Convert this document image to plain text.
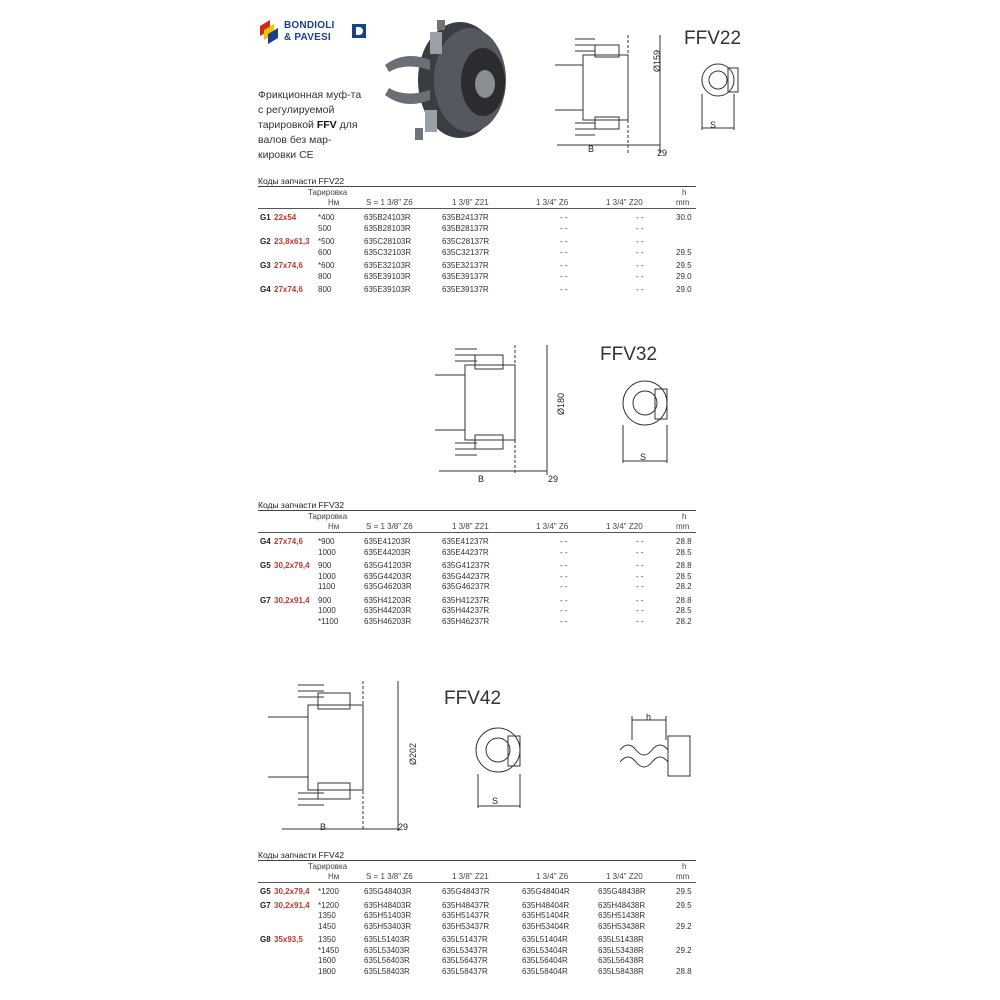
BONDIOLI
& PAVESI
Фрикционная муф-та с регулируемой тарировкой FFV для валов без мар-кировки CE	B	29
Ø159
FFV22
S
Коды запчасти FFV22
Тарировка
Нм	S = 1 3/8" Z6	1 3/8" Z21	1 3/4" Z6	1 3/4" Z20
h
mm
G1 22x54	*400	635B24103R	635B24137R	- -	- -	30.0
500	635B28103R	635B28137R	- -	- -
G2 23,8x61,3 *500	635C28103R	635C28137R	- -	- -
600	635C32103R	635C32137R	- -	- -	29.5
G3 27x74,6 *600	635E32103R	635E32137R	- -	- -	29.5
800	635E39103R	635E39137R	- -	- -	29.0
G4 27x74,6 800	635E39103R	635E39137R	- -	- -	29.0
B	29
Ø180
FFV32
S
Коды запчасти FFV32
Тарировка
Нм	S = 1 3/8" Z6	1 3/8" Z21	1 3/4" Z6	1 3/4" Z20
h
mm
G4 27x74,6 *900	635E41203R	635E41237R	- -	- -	28.8
1000	635E44203R	635E44237R	- -	- -	28.5
G5 30,2x79,4 900	635G41203R	635G41237R	- -	- -	28.8
1000	635G44203R	635G44237R	- -	- -	28.5
1100	635G46203R	635G46237R	- -	- -	28.2
G7 30,2x91,4 900	635H41203R	635H41237R	- -	- -	28.8
1000	635H44203R	635H44237R	- -	- -	28.5
*1100	635H46203R	635H46237R	- -	- -	28.2
B	29
Ø202
FFV42
S
h
Коды запчасти FFV42
Тарировка
Нм	S = 1 3/8" Z6	1 3/8" Z21	1 3/4" Z6	1 3/4" Z20
h
mm
G5 30,2x79,4 *1200	635G48403R	635G48437R	635G48404R	635G48438R	29.5
G7 30,2x91,4 *1200	635H48403R	635H48437R	635H48404R	635H48438R	29.5
1350	635H51403R	635H51437R	635H51404R	635H51438R
1450	635H53403R	635H53437R	635H53404R	635H53438R	29.2
G8 35x93,5 1350	635L51403R	635L51437R	635L51404R	635L51438R
*1450	635L53403R	635L53437R	635L53404R	635L53438R	29.2
1600	635L56403R	635L56437R	635L56404R	635L56438R
1800	635L58403R	635L58437R	635L58404R	635L58438R	28.8
